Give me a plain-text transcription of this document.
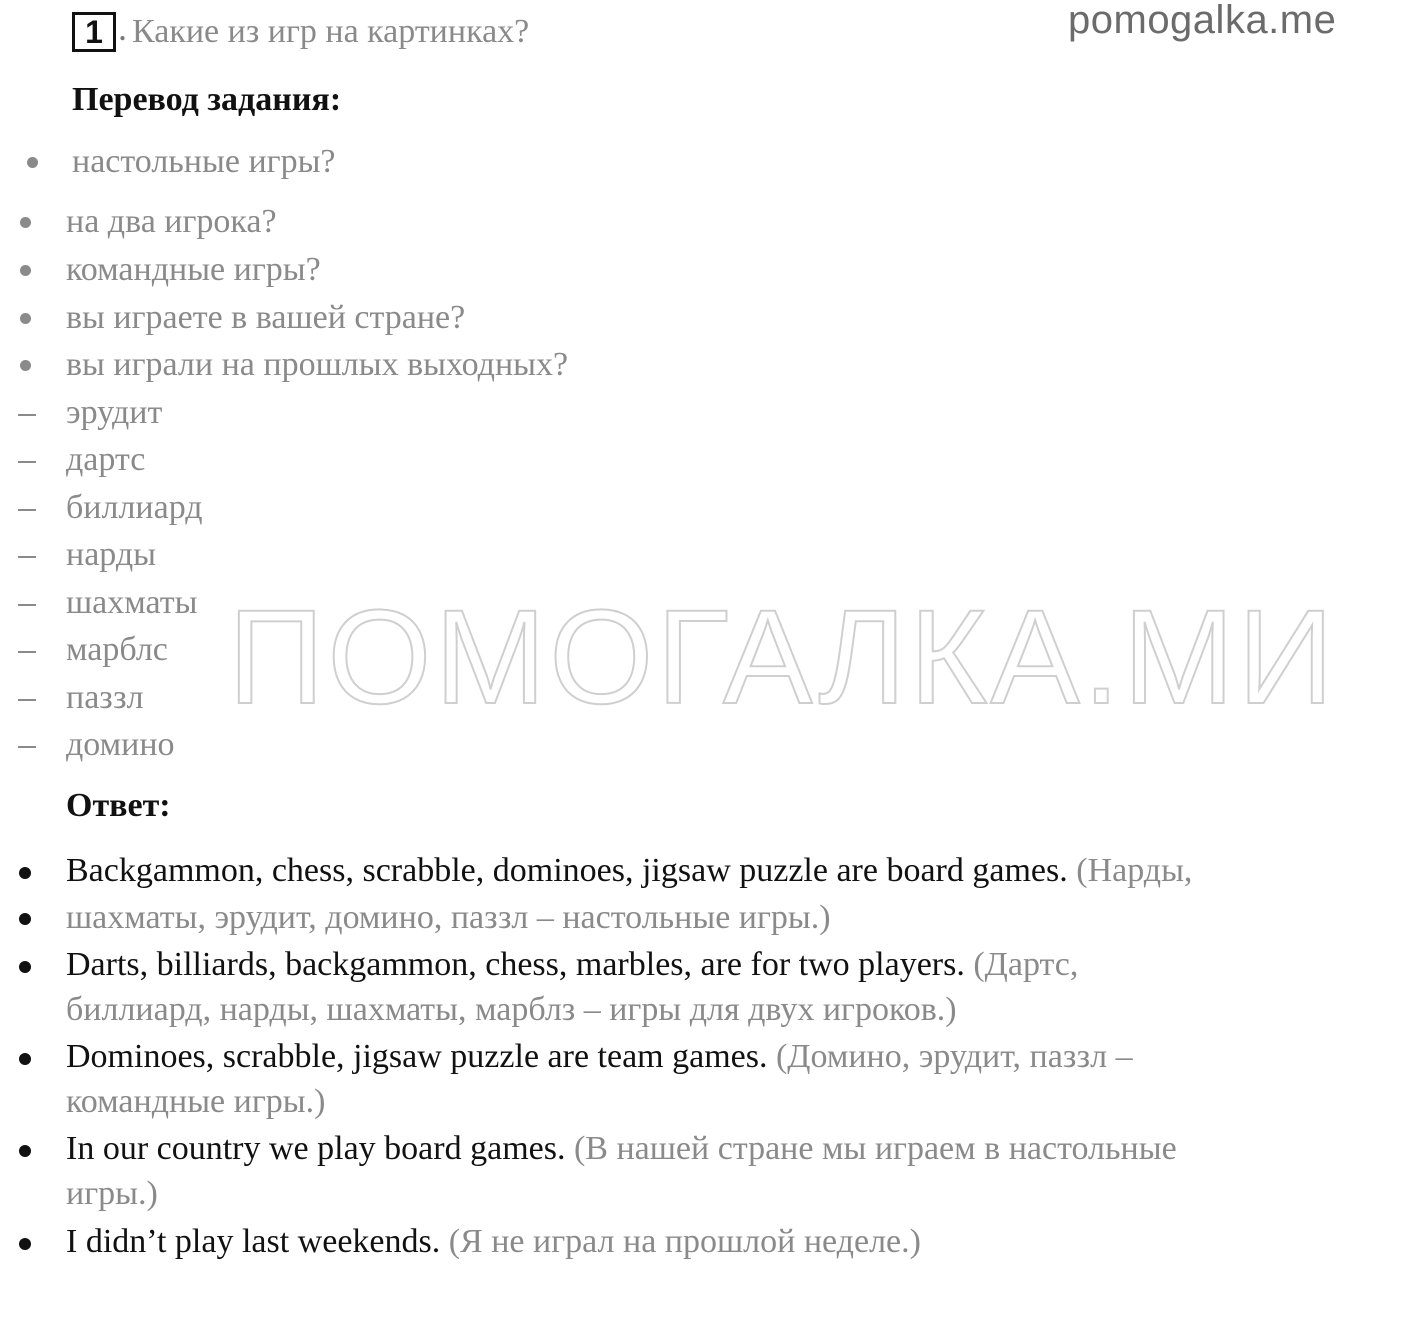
1 . Какие из игр на картинках?	pomogalka.me
Перевод задания:
настольные игры?
на два игрока?
командные игры?
вы играете в вашей стране?
вы играли на прошлых выходных?
эрудит
дартс
биллиард
нарды
шахматы
марблс
паззл
домино
ПОМОГАЛКА.МИ
Ответ:
Backgammon, chess, scrabble, dominoes, jigsaw puzzle are board games. (Нарды,
шахматы, эрудит, домино, паззл – настольные игры.)
Darts, billiards, backgammon, chess, marbles, are for two players. (Дартс,
биллиард, нарды, шахматы, марблз – игры для двух игроков.)
Dominoes, scrabble, jigsaw puzzle are team games. (Домино, эрудит, паззл –
командные игры.)
In our country we play board games. (В нашей стране мы играем в настольные
игры.)
I didn’t play last weekends. (Я не играл на прошлой неделе.)
